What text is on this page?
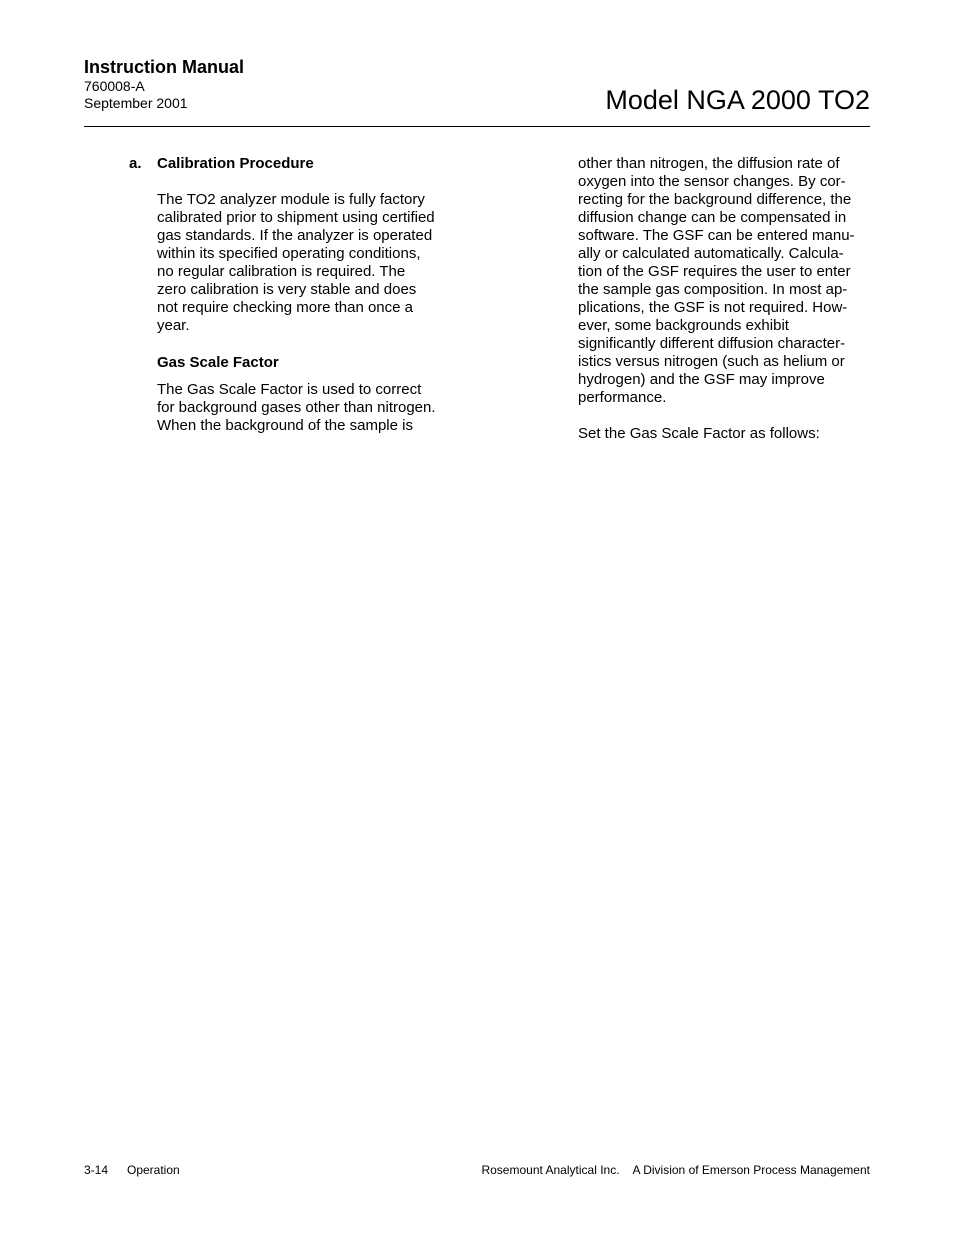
Instruction Manual
760008-A
September 2001	Model NGA 2000 TO2
a. Calibration Procedure
The TO2 analyzer module is fully factory
calibrated prior to shipment using certified
gas standards. If the analyzer is operated
within its specified operating conditions,
no regular calibration is required. The
zero calibration is very stable and does
not require checking more than once a
year.
Gas Scale Factor
The Gas Scale Factor is used to correct
for background gases other than nitrogen.
When the background of the sample is
other than nitrogen, the diffusion rate of
oxygen into the sensor changes. By cor-
recting for the background difference, the
diffusion change can be compensated in
software. The GSF can be entered manu-
ally or calculated automatically. Calcula-
tion of the GSF requires the user to enter
the sample gas composition. In most ap-
plications, the GSF is not required. How-
ever, some backgrounds exhibit
significantly different diffusion character-
istics versus nitrogen (such as helium or
hydrogen) and the GSF may improve
performance.
Set the Gas Scale Factor as follows:
3-14 Operation	Rosemount Analytical Inc. A Division of Emerson Process Management
